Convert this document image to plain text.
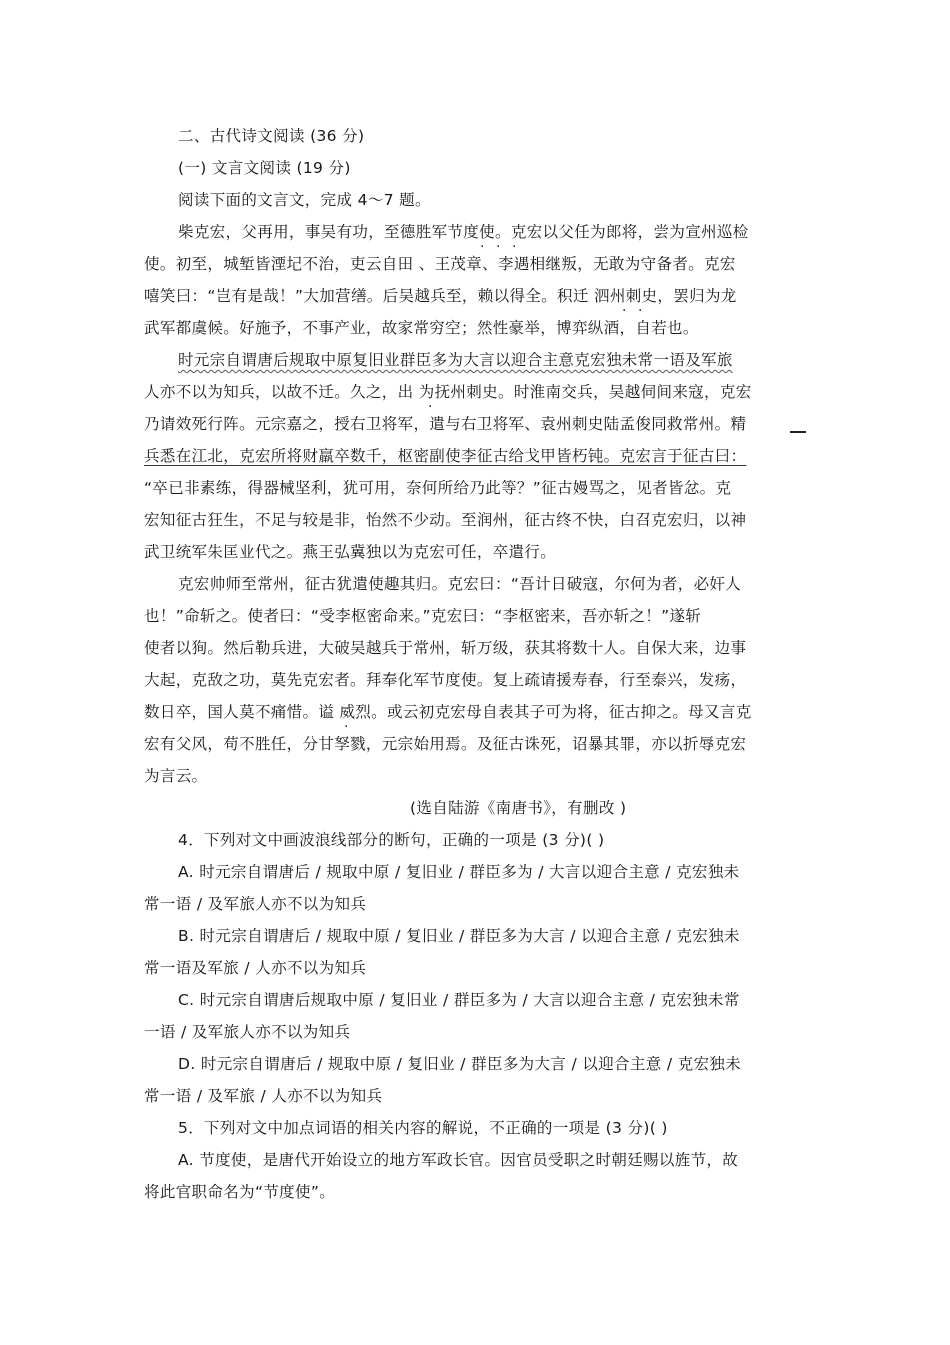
二、古代诗文阅读 (36 分)
(一) 文言文阅读 (19 分)
阅读下面的文言文，完成 4～7 题。
柴克宏，父再用，事吴有功，至德胜军节度使。克宏以父任为郎将，尝为宣州巡检
使。初至，城堑皆湮圮不治，吏云自田 、王茂章、李遇相继叛，无敢为守备者。克宏
嘻笑曰：“岂有是哉！”大加营缮。后吴越兵至，赖以得全。积迁 泗州刺史，罢归为龙
武军都虞候。好施予，不事产业，故家常穷空；然性豪举，博弈纵酒，自若也。
· · ·
· ·
时元宗自谓唐后规取中原复旧业群臣多为大言以迎合主意克宏独未常一语及军旅
人亦不以为知兵，以故不迁。久之，出 为抚州刺史。时淮南交兵，吴越伺间来寇，克宏
乃请效死行阵。元宗嘉之，授右卫将军，遣与右卫将军、袁州刺史陆孟俊同救常州。精
兵悉在江北，克宏所将财羸卒数千，枢密副使李征古给戈甲皆朽钝。克宏言于征古曰：
“卒已非素练，得器械坚利，犹可用，奈何所给乃此等？”征古嫚骂之，见者皆忿。克
宏知征古狂生，不足与较是非，怡然不少动。至润州，征古终不快，白召克宏归，以神
武卫统军朱匡业代之。燕王弘冀独以为克宏可任，卒遣行。
·
克宏帅师至常州，征古犹遣使趣其归。克宏曰：“吾计日破寇，尔何为者，必奸人
也！”命斩之。使者曰：“受李枢密命来。”克宏曰：“李枢密来，吾亦斩之！”遂斩
使者以狥。然后勒兵进，大破吴越兵于常州，斩万级，获其将数十人。自保大来，边事
大起，克敌之功，莫先克宏者。拜奉化军节度使。复上疏请援寿春，行至泰兴，发疡，
数日卒，国人莫不痛惜。谥 威烈。或云初克宏母自表其子可为将，征古抑之。母又言克
宏有父风，苟不胜任，分甘孥戮，元宗始用焉。及征古诛死，诏暴其罪，亦以折辱克宏
为言云。
·
(选自陆游《南唐书》，有删改 )
4．下列对文中画波浪线部分的断句，正确的一项是 (3 分)( )
A. 时元宗自谓唐后 / 规取中原 / 复旧业 / 群臣多为 / 大言以迎合主意 / 克宏独未
常一语 / 及军旅人亦不以为知兵
B. 时元宗自谓唐后 / 规取中原 / 复旧业 / 群臣多为大言 / 以迎合主意 / 克宏独未
常一语及军旅 / 人亦不以为知兵
C. 时元宗自谓唐后规取中原 / 复旧业 / 群臣多为 / 大言以迎合主意 / 克宏独未常
一语 / 及军旅人亦不以为知兵
D. 时元宗自谓唐后 / 规取中原 / 复旧业 / 群臣多为大言 / 以迎合主意 / 克宏独未
常一语 / 及军旅 / 人亦不以为知兵
5．下列对文中加点词语的相关内容的解说，不正确的一项是 (3 分)( )
A. 节度使，是唐代开始设立的地方军政长官。因官员受职之时朝廷赐以旌节，故
将此官职命名为“节度使”。
